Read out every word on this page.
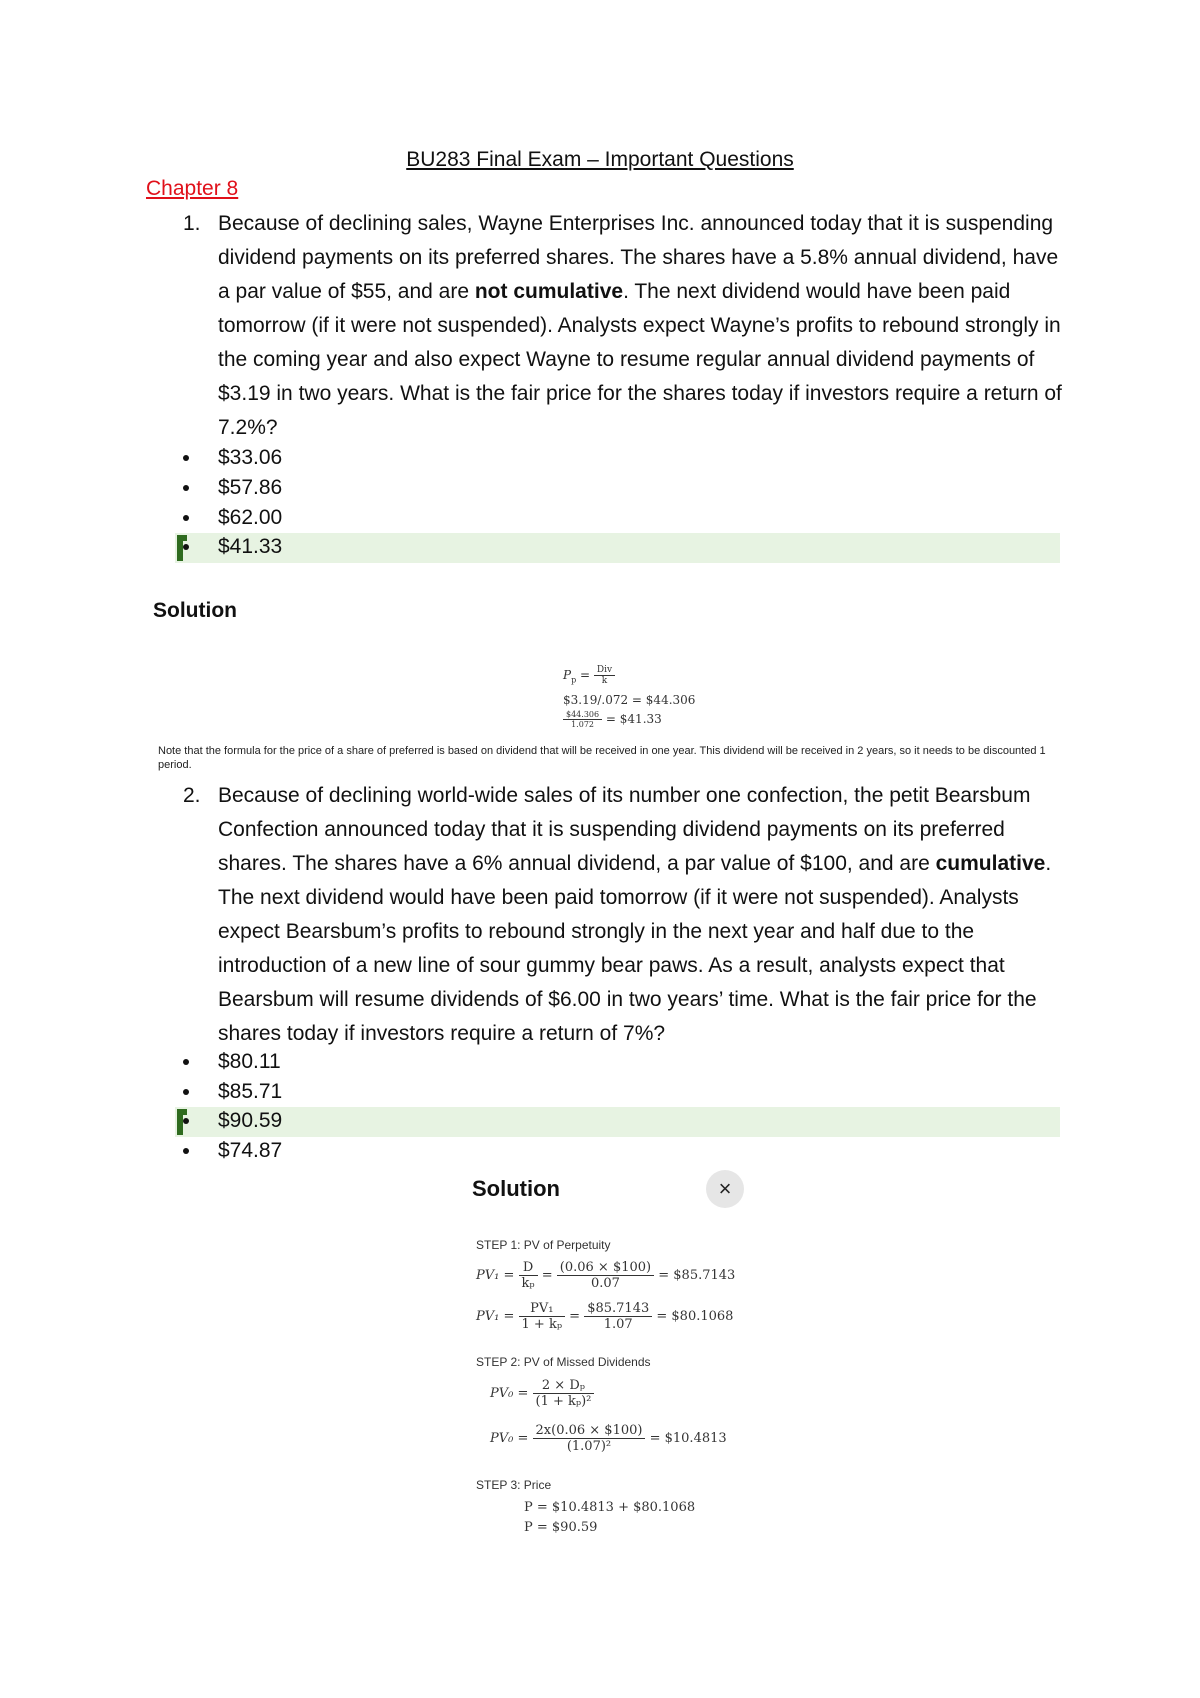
BU283 Final Exam – Important Questions
Chapter 8
1. Because of declining sales, Wayne Enterprises Inc. announced today that it is suspending dividend payments on its preferred shares. The shares have a 5.8% annual dividend, have a par value of $55, and are not cumulative. The next dividend would have been paid tomorrow (if it were not suspended). Analysts expect Wayne’s profits to rebound strongly in the coming year and also expect Wayne to resume regular annual dividend payments of $3.19 in two years. What is the fair price for the shares today if investors require a return of 7.2%?
$33.06
$57.86
$62.00
$41.33
Solution
$P_p = \frac{\text{Div}}{k}$
$3.19/.072 = $44.306
$\frac{\$44.306}{1.072}$ = $41.33
Note that the formula for the price of a share of preferred is based on dividend that will be received in one year. This dividend will be received in 2 years, so it needs to be discounted 1 period.
2. Because of declining world-wide sales of its number one confection, the petit Bearsbum Confection announced today that it is suspending dividend payments on its preferred shares. The shares have a 6% annual dividend, a par value of $100, and are cumulative. The next dividend would have been paid tomorrow (if it were not suspended). Analysts expect Bearsbum’s profits to rebound strongly in the next year and half due to the introduction of a new line of sour gummy bear paws. As a result, analysts expect that Bearsbum will resume dividends of $6.00 in two years’ time. What is the fair price for the shares today if investors require a return of 7%?
$80.11
$85.71
$90.59
$74.87
Solution	×
STEP 1: PV of Perpetuity
$PV_1 = \frac{D}{\text{kₚ}} = \frac{(0.06 \times \$100)}{0.07}$ = $85.7143
$PV_1 = \frac{\text{PV₁}}{\text{1 + kₚ}} = \frac{\$85.7143}{1.07}$ = $80.1068
STEP 2: PV of Missed Dividends
$PV_0 = \frac{\text{2 × Dₚ}}{\text{(1 + kₚ)²}}$
$PV_0 = \frac{2x(0.06 \times \$100)}{\text{(1.07)²}}$ = $10.4813
STEP 3: Price
P = $10.4813 + $80.1068
P = $90.59
